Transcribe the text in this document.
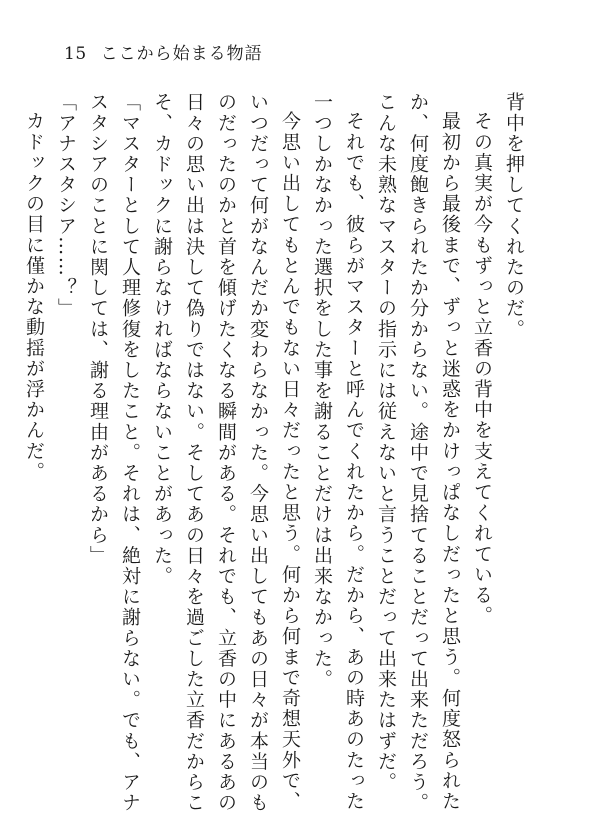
15 ここから始まる物語

背中を押してくれたのだ。

その真実が今もずっと立香の背中を支えてくれている。

最初から最後まで、ずっと迷惑をかけっぱなしだったと思う。何度怒られた

か、何度飽きられたか分からない。途中で見捨てることだって出来ただろう。

こんな未熟なマスターの指示には従えないと言うことだって出来たはずだ。

それでも、彼らがマスターと呼んでくれたから。だから、あの時あのたった

一つしかなかった選択をした事を謝ることだけは出来なかった。

今思い出してもとんでもない日々だったと思う。何から何まで奇想天外で、

いつだって何がなんだか変わらなかった。今思い出してもあの日々が本当のも

のだったのかと首を傾げたくなる瞬間がある。それでも、立香の中にあるあの

日々の思い出は決して偽りではない。そしてあの日々を過ごした立香だからこ

そ、カドックに謝らなければならないことがあった。

「マスターとして人理修復をしたこと。それは、絶対に謝らない。でも、アナ

スタシアのことに関しては、謝る理由があるから」

「アナスタシア……？」

カドックの目に僅かな動揺が浮かんだ。
